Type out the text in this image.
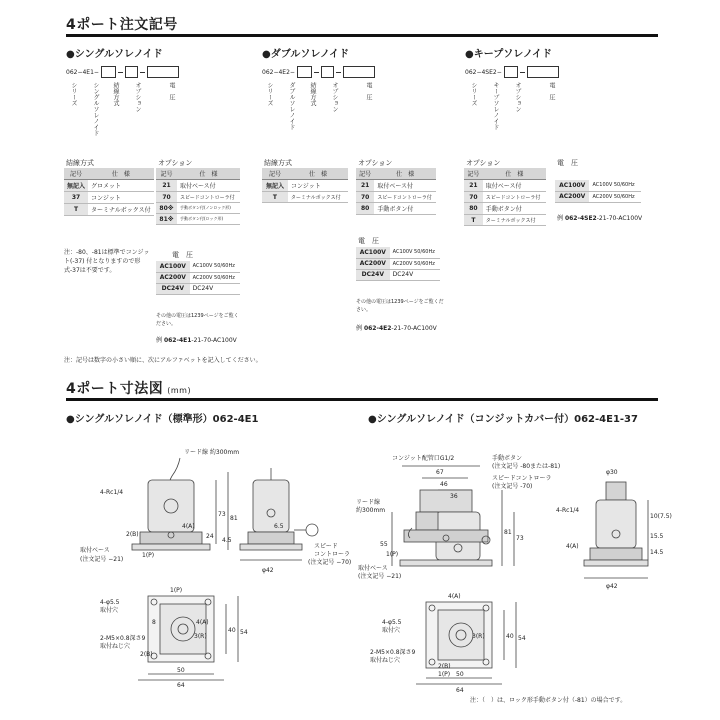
4ポート注文記号
●シングルソレノイド
062−4E1−
シリーズ	シングルソレノイド 結線方式	オプション	電　圧
結線方式
記号	仕　様
無記入	グロメット
37	コンジット
T	ターミナルボックス付
オプション
記号	仕　様
21	取付ベース付
70	スピードコントローラ付
80※	手動ボタン付(ノンロック形)
81※	手動ボタン付(ロック形)
注：-80、-81は標準でコンジット(-37) 付となりますので形式-37は不要です。
電　圧
AC100V	AC100V 50/60Hz
AC200V	AC200V 50/60Hz
DC24V	DC24V
その他の電圧は1239ページをご覧ください。
例 062-4E1-21-70-AC100V
●ダブルソレノイド
062−4E2−
シリーズ	ダブルソレノイド 結線方式	オプション	電　圧
結線方式
記号	仕　様
無記入	コンジット
T	ターミナルボックス付
オプション
記号	仕　様
21	取付ベース付
70	スピードコントローラ付
80	手動ボタン付
電　圧
AC100V	AC100V 50/60Hz
AC200V	AC200V 50/60Hz
DC24V	DC24V
その他の電圧は1239ページをご覧ください。
例 062-4E2-21-70-AC100V
●キープソレノイド
062−4SE2−
シリーズ	キープソレノイド	オプション	電　圧
オプション
記号	仕　様
21	取付ベース付
70	スピードコントローラ付
80	手動ボタン付
T	ターミナルボックス付
電　圧
AC100V	AC100V 50/60Hz
AC200V	AC200V 50/60Hz
例 062-4SE2-21-70-AC100V
注：記号は数字の小さい順に、次にアルファベットを記入してください。
4ポート寸法図 (mm)
●シングルソレノイド（標準形）062-4E1	●シングルソレノイド（コンジットカバー付）062-4E1-37
リード線 約300mm
4-Rc1/4
4(A)
2(B)
1(P)
取付ベース
(注文記号 −21)
73
81
24
4.5
φ42
6.5
スピード
コントローラ
(注文記号 −70)
1(P)
4-φ5.5
取付穴
4(A)
3(R)
2-M5×0.8深さ9
取付ねじ穴
2(B)
40 54
8
50
64
コンジット配管口G1/2	手動ボタン
(注文記号 -80または-81)
スピードコントローラ
(注文記号 -70)
67
46
36
リード線
約300mm
55
取付ベース
(注文記号 −21)
1(P)
81
73
φ30
4-Rc1/4
4(A)
10(7.5)
15.5
14.5
φ42
4(A)
4-φ5.5
取付穴
3(R)
2-M5×0.8深さ9
取付ねじ穴
2(B)
1(P)
40 54
50
64
注：（　）は、ロック形手動ボタン付（-81）の場合です。
